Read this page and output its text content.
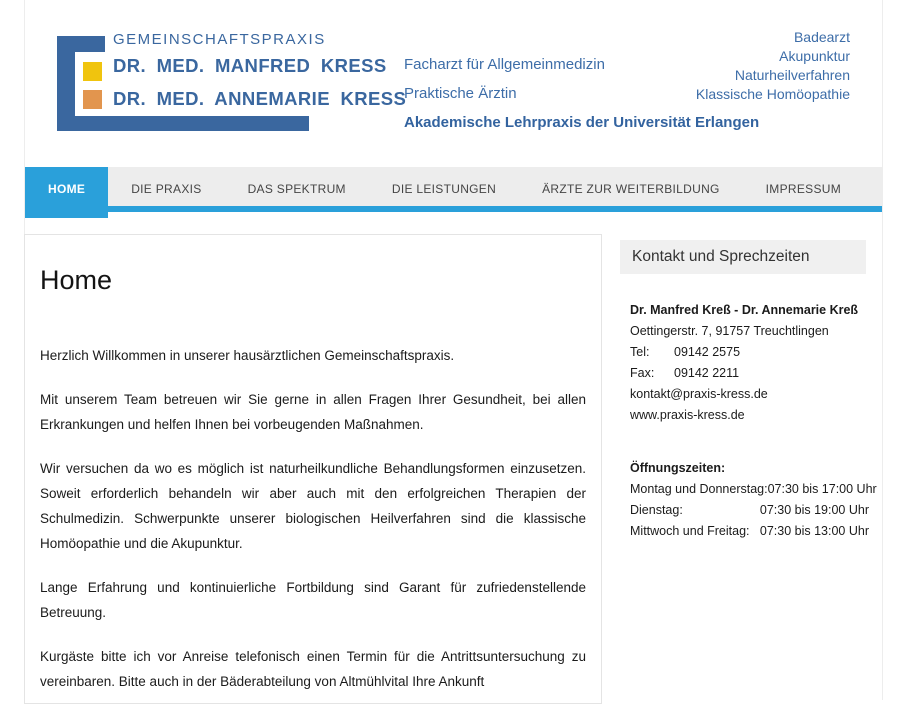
GEMEINSCHAFTSPRAXIS
DR. MED. MANFRED KRESS
DR. MED. ANNEMARIE KRESS
Facharzt für Allgemeinmedizin
Praktische Ärztin
Akademische Lehrpraxis der Universität Erlangen
Badearzt
Akupunktur
Naturheilverfahren
Klassische Homöopathie
HOME	DIE PRAXIS	DAS SPEKTRUM	DIE LEISTUNGEN	ÄRZTE ZUR WEITERBILDUNG	IMPRESSUM
Home

Herzlich Willkommen in unserer hausärztlichen Gemeinschaftspraxis.

Mit unserem Team betreuen wir Sie gerne in allen Fragen Ihrer Gesundheit, bei allen Erkrankungen und helfen Ihnen bei vorbeugenden Maßnahmen.

Wir versuchen da wo es möglich ist naturheilkundliche Behandlungsformen einzusetzen. Soweit erforderlich behandeln wir aber auch mit den erfolgreichen Therapien der Schulmedizin. Schwerpunkte unserer biologischen Heilverfahren sind die klassische Homöopathie und die Akupunktur.

Lange Erfahrung und kontinuierliche Fortbildung sind Garant für zufriedenstellende Betreuung.

Kurgäste bitte ich vor Anreise telefonisch einen Termin für die Antrittsuntersuchung zu vereinbaren. Bitte auch in der Bäderabteilung von Altmühlvital Ihre Ankunft

Kontakt und Sprechzeiten
Dr. Manfred Kreß - Dr. Annemarie Kreß
Oettingerstr. 7, 91757 Treuchtlingen
Tel: 09142 2575
Fax: 09142 2211
kontakt@praxis-kress.de
www.praxis-kress.de
Öffnungszeiten:
Montag und Donnerstag: 07:30 bis 17:00 Uhr
Dienstag:	07:30 bis 19:00 Uhr
Mittwoch und Freitag: 07:30 bis 13:00 Uhr
